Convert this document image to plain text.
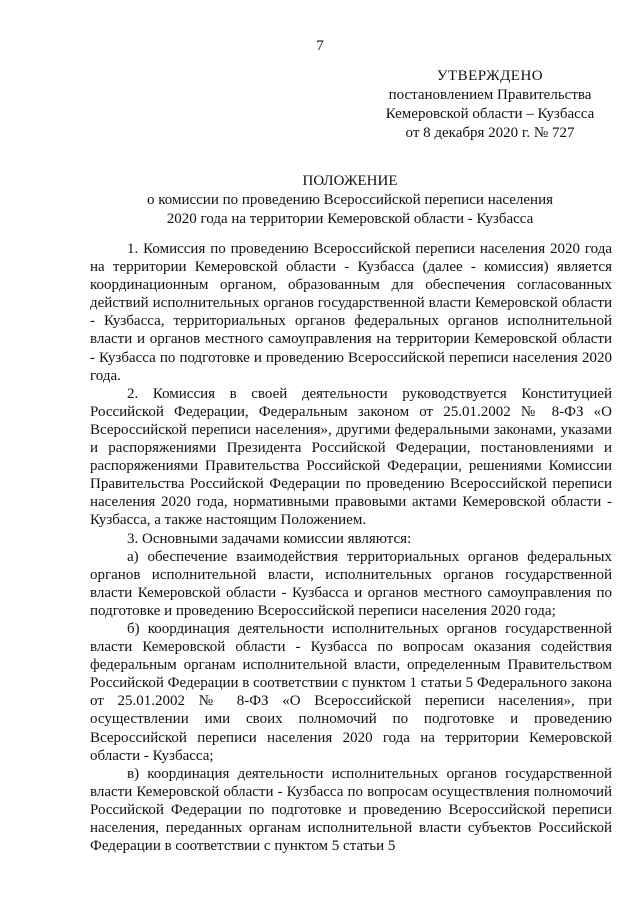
7
УТВЕРЖДЕНО
постановлением Правительства
Кемеровской области – Кузбасса
от 8 декабря 2020 г. № 727
ПОЛОЖЕНИЕ
о комиссии по проведению Всероссийской переписи населения
2020 года на территории Кемеровской области - Кузбасса

1. Комиссия по проведению Всероссийской переписи населения 2020 года на территории Кемеровской области - Кузбасса (далее - комиссия) является координационным органом, образованным для обеспечения согласованных действий исполнительных органов государственной власти Кемеровской области - Кузбасса, территориальных органов федеральных органов исполнительной власти и органов местного самоуправления на территории Кемеровской области - Кузбасса по подготовке и проведению Всероссийской переписи населения 2020 года.

2. Комиссия в своей деятельности руководствуется Конституцией Российской Федерации, Федеральным законом от 25.01.2002 № 8-ФЗ «О Всероссийской переписи населения», другими федеральными законами, указами и распоряжениями Президента Российской Федерации, постановлениями и распоряжениями Правительства Российской Федерации, решениями Комиссии Правительства Российской Федерации по проведению Всероссийской переписи населения 2020 года, нормативными правовыми актами Кемеровской области - Кузбасса, а также настоящим Положением.

3. Основными задачами комиссии являются:

а) обеспечение взаимодействия территориальных органов федеральных органов исполнительной власти, исполнительных органов государственной власти Кемеровской области - Кузбасса и органов местного самоуправления по подготовке и проведению Всероссийской переписи населения 2020 года;

б) координация деятельности исполнительных органов государственной власти Кемеровской области - Кузбасса по вопросам оказания содействия федеральным органам исполнительной власти, определенным Правительством Российской Федерации в соответствии с пунктом 1 статьи 5 Федерального закона от 25.01.2002 № 8-ФЗ «О Всероссийской переписи населения», при осуществлении ими своих полномочий по подготовке и проведению Всероссийской переписи населения 2020 года на территории Кемеровской области - Кузбасса;

в) координация деятельности исполнительных органов государственной власти Кемеровской области - Кузбасса по вопросам осуществления полномочий Российской Федерации по подготовке и проведению Всероссийской переписи населения, переданных органам исполнительной власти субъектов Российской Федерации в соответствии с пунктом 5 статьи 5
